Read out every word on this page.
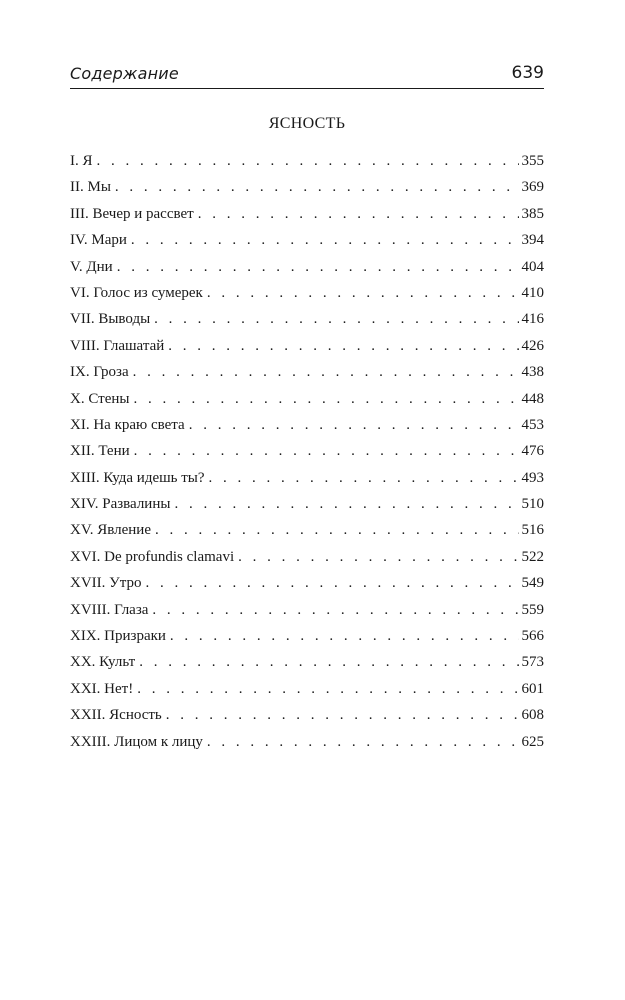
Содержание	639
ЯСНОСТЬ
I. Я . . .	355
II. Мы . . .	369
III. Вечер и рассвет . . .	385
IV. Мари . . .	394
V. Дни . . .	404
VI. Голос из сумерек . . .	410
VII. Выводы . . .	416
VIII. Глашатай . . .	426
IX. Гроза . . .	438
X. Стены . . .	448
XI. На краю света . . .	453
XII. Тени . . .	476
XIII. Куда идешь ты? . . .	493
XIV. Развалины . . .	510
XV. Явление . . .	516
XVI. De profundis clamavi . . .	522
XVII. Утро . . .	549
XVIII. Глаза . . .	559
XIX. Призраки . . .	566
XX. Культ . . .	573
XXI. Нет! . . .	601
XXII. Ясность . . .	608
XXIII. Лицом к лицу . . .	625
